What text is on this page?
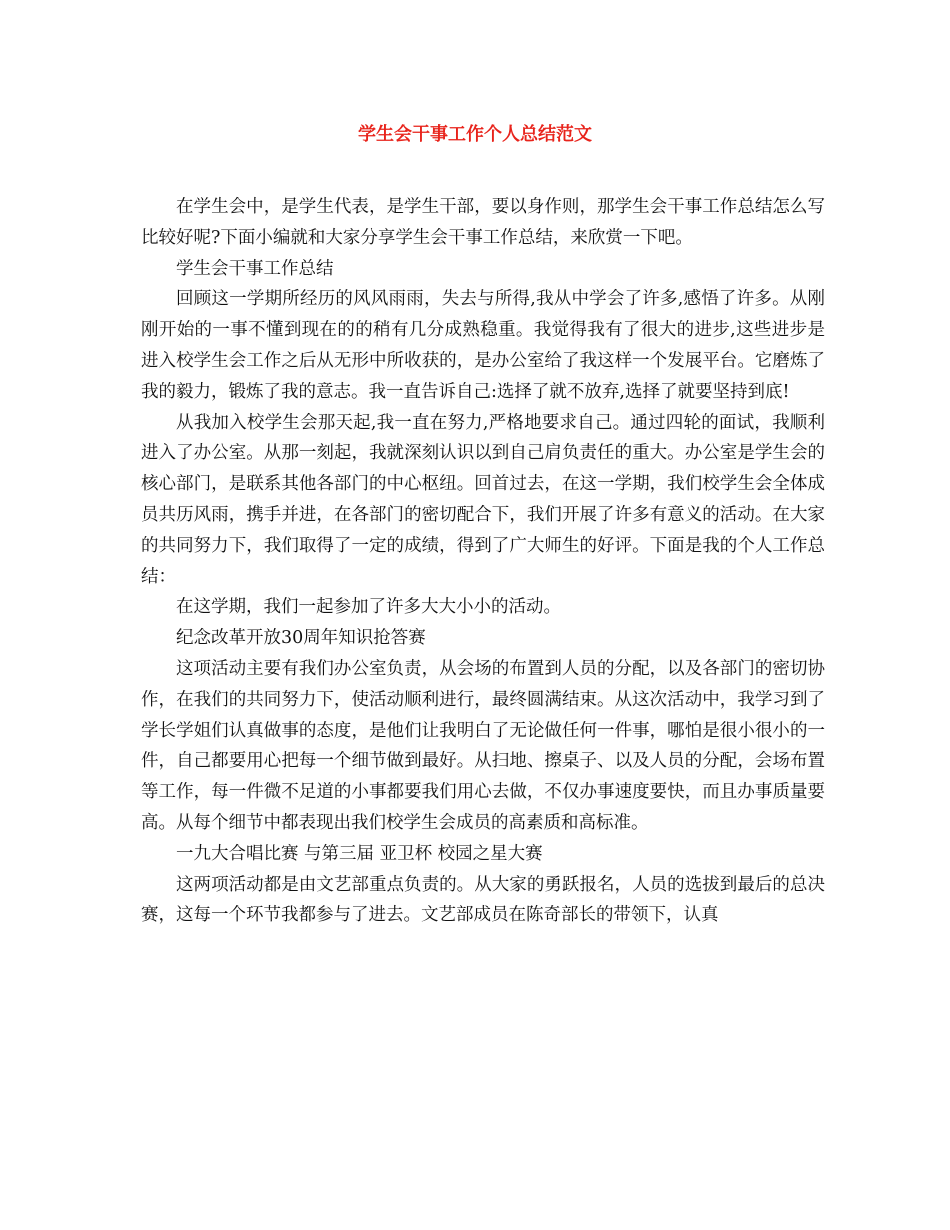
学生会干事工作个人总结范文

在学生会中，是学生代表，是学生干部，要以身作则，那学生会干事工作总结怎么写比较好呢?下面小编就和大家分享学生会干事工作总结，来欣赏一下吧。

学生会干事工作总结

回顾这一学期所经历的风风雨雨，失去与所得,我从中学会了许多,感悟了许多。从刚刚开始的一事不懂到现在的的稍有几分成熟稳重。我觉得我有了很大的进步,这些进步是进入校学生会工作之后从无形中所收获的，是办公室给了我这样一个发展平台。它磨炼了我的毅力，锻炼了我的意志。我一直告诉自己:选择了就不放弃,选择了就要坚持到底!

从我加入校学生会那天起,我一直在努力,严格地要求自己。通过四轮的面试，我顺利进入了办公室。从那一刻起，我就深刻认识以到自己肩负责任的重大。办公室是学生会的核心部门，是联系其他各部门的中心枢纽。回首过去，在这一学期，我们校学生会全体成员共历风雨，携手并进，在各部门的密切配合下，我们开展了许多有意义的活动。在大家的共同努力下，我们取得了一定的成绩，得到了广大师生的好评。下面是我的个人工作总结：

在这学期，我们一起参加了许多大大小小的活动。

纪念改革开放30周年知识抢答赛

这项活动主要有我们办公室负责，从会场的布置到人员的分配，以及各部门的密切协作，在我们的共同努力下，使活动顺利进行，最终圆满结束。从这次活动中，我学习到了学长学姐们认真做事的态度，是他们让我明白了无论做任何一件事，哪怕是很小很小的一件，自己都要用心把每一个细节做到最好。从扫地、擦桌子、以及人员的分配，会场布置等工作，每一件微不足道的小事都要我们用心去做，不仅办事速度要快，而且办事质量要高。从每个细节中都表现出我们校学生会成员的高素质和高标准。

一九大合唱比赛 与第三届 亚卫杯 校园之星大赛

这两项活动都是由文艺部重点负责的。从大家的勇跃报名，人员的选拔到最后的总决赛，这每一个环节我都参与了进去。文艺部成员在陈奇部长的带领下，认真
